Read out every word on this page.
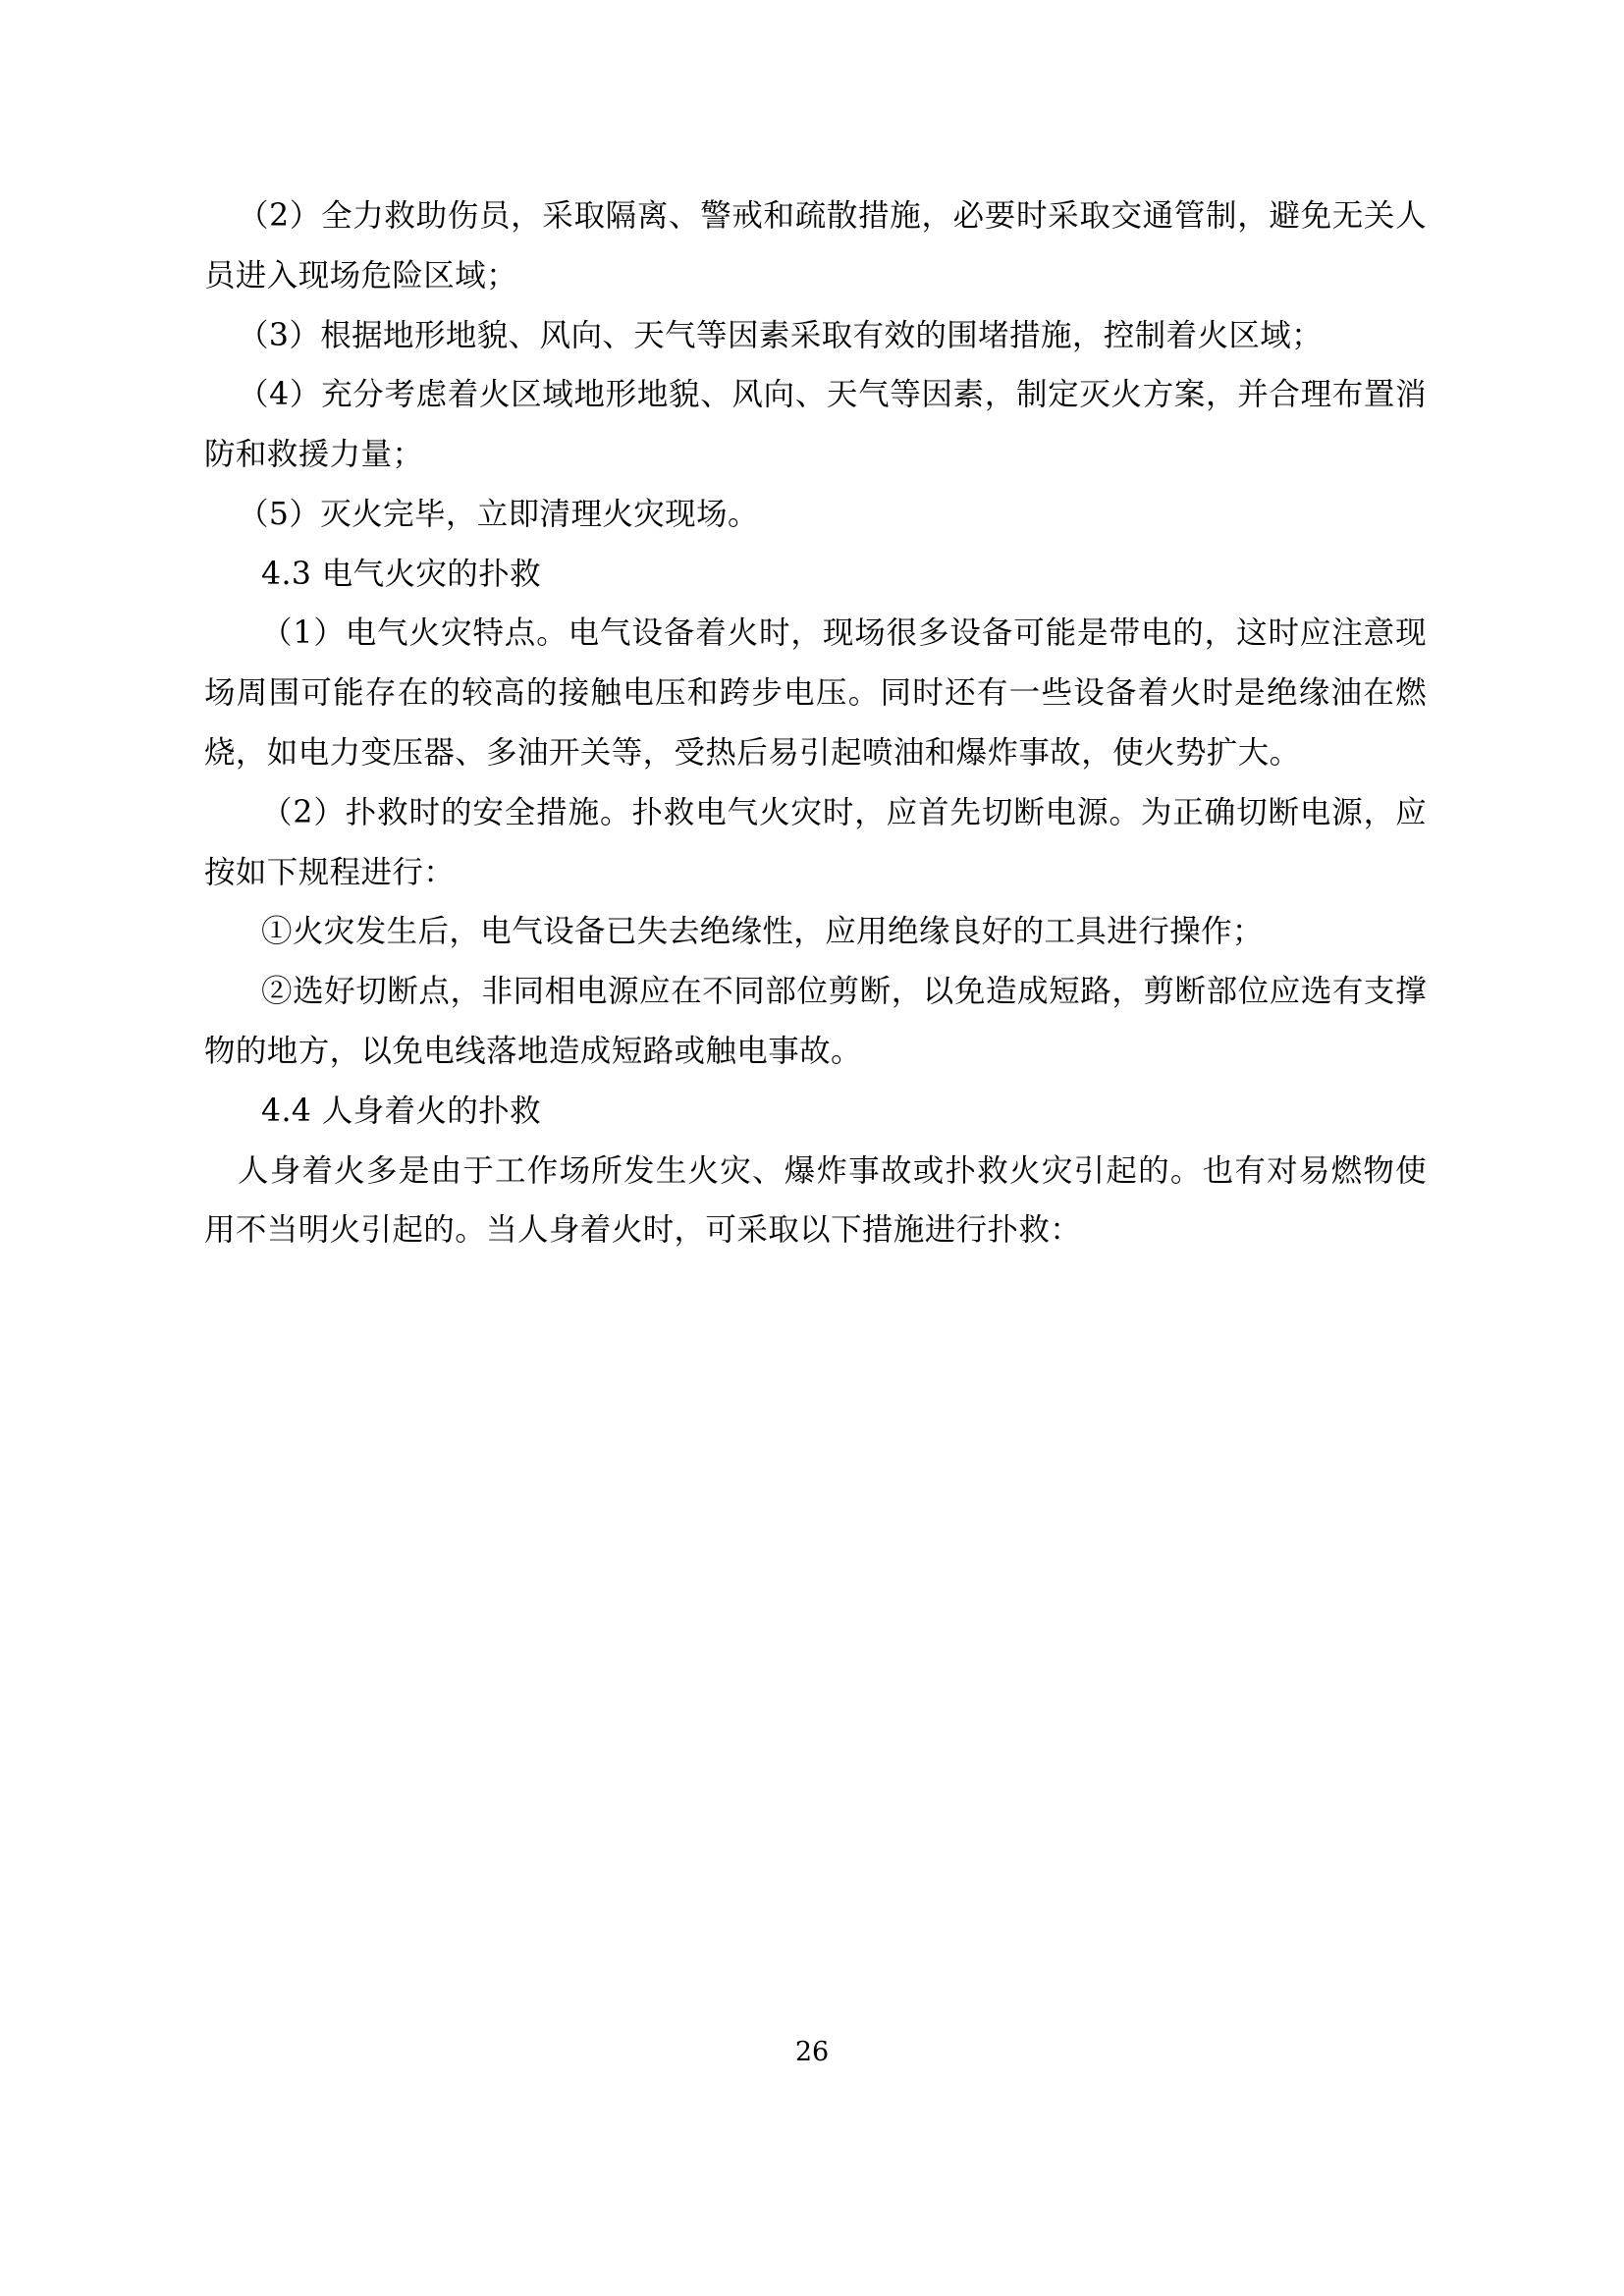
（2）全力救助伤员，采取隔离、警戒和疏散措施，必要时采取交通管制，避免无关人员进入现场危险区域；

（3）根据地形地貌、风向、天气等因素采取有效的围堵措施，控制着火区域；

（4）充分考虑着火区域地形地貌、风向、天气等因素，制定灭火方案，并合理布置消防和救援力量；

（5）灭火完毕，立即清理火灾现场。

4.3 电气火灾的扑救

（1）电气火灾特点。电气设备着火时，现场很多设备可能是带电的，这时应注意现场周围可能存在的较高的接触电压和跨步电压。同时还有一些设备着火时是绝缘油在燃烧，如电力变压器、多油开关等，受热后易引起喷油和爆炸事故，使火势扩大。

（2）扑救时的安全措施。扑救电气火灾时，应首先切断电源。为正确切断电源，应按如下规程进行：

①火灾发生后，电气设备已失去绝缘性，应用绝缘良好的工具进行操作；

②选好切断点，非同相电源应在不同部位剪断，以免造成短路，剪断部位应选有支撑物的地方，以免电线落地造成短路或触电事故。

4.4 人身着火的扑救

人身着火多是由于工作场所发生火灾、爆炸事故或扑救火灾引起的。也有对易燃物使用不当明火引起的。当人身着火时，可采取以下措施进行扑救：

26
